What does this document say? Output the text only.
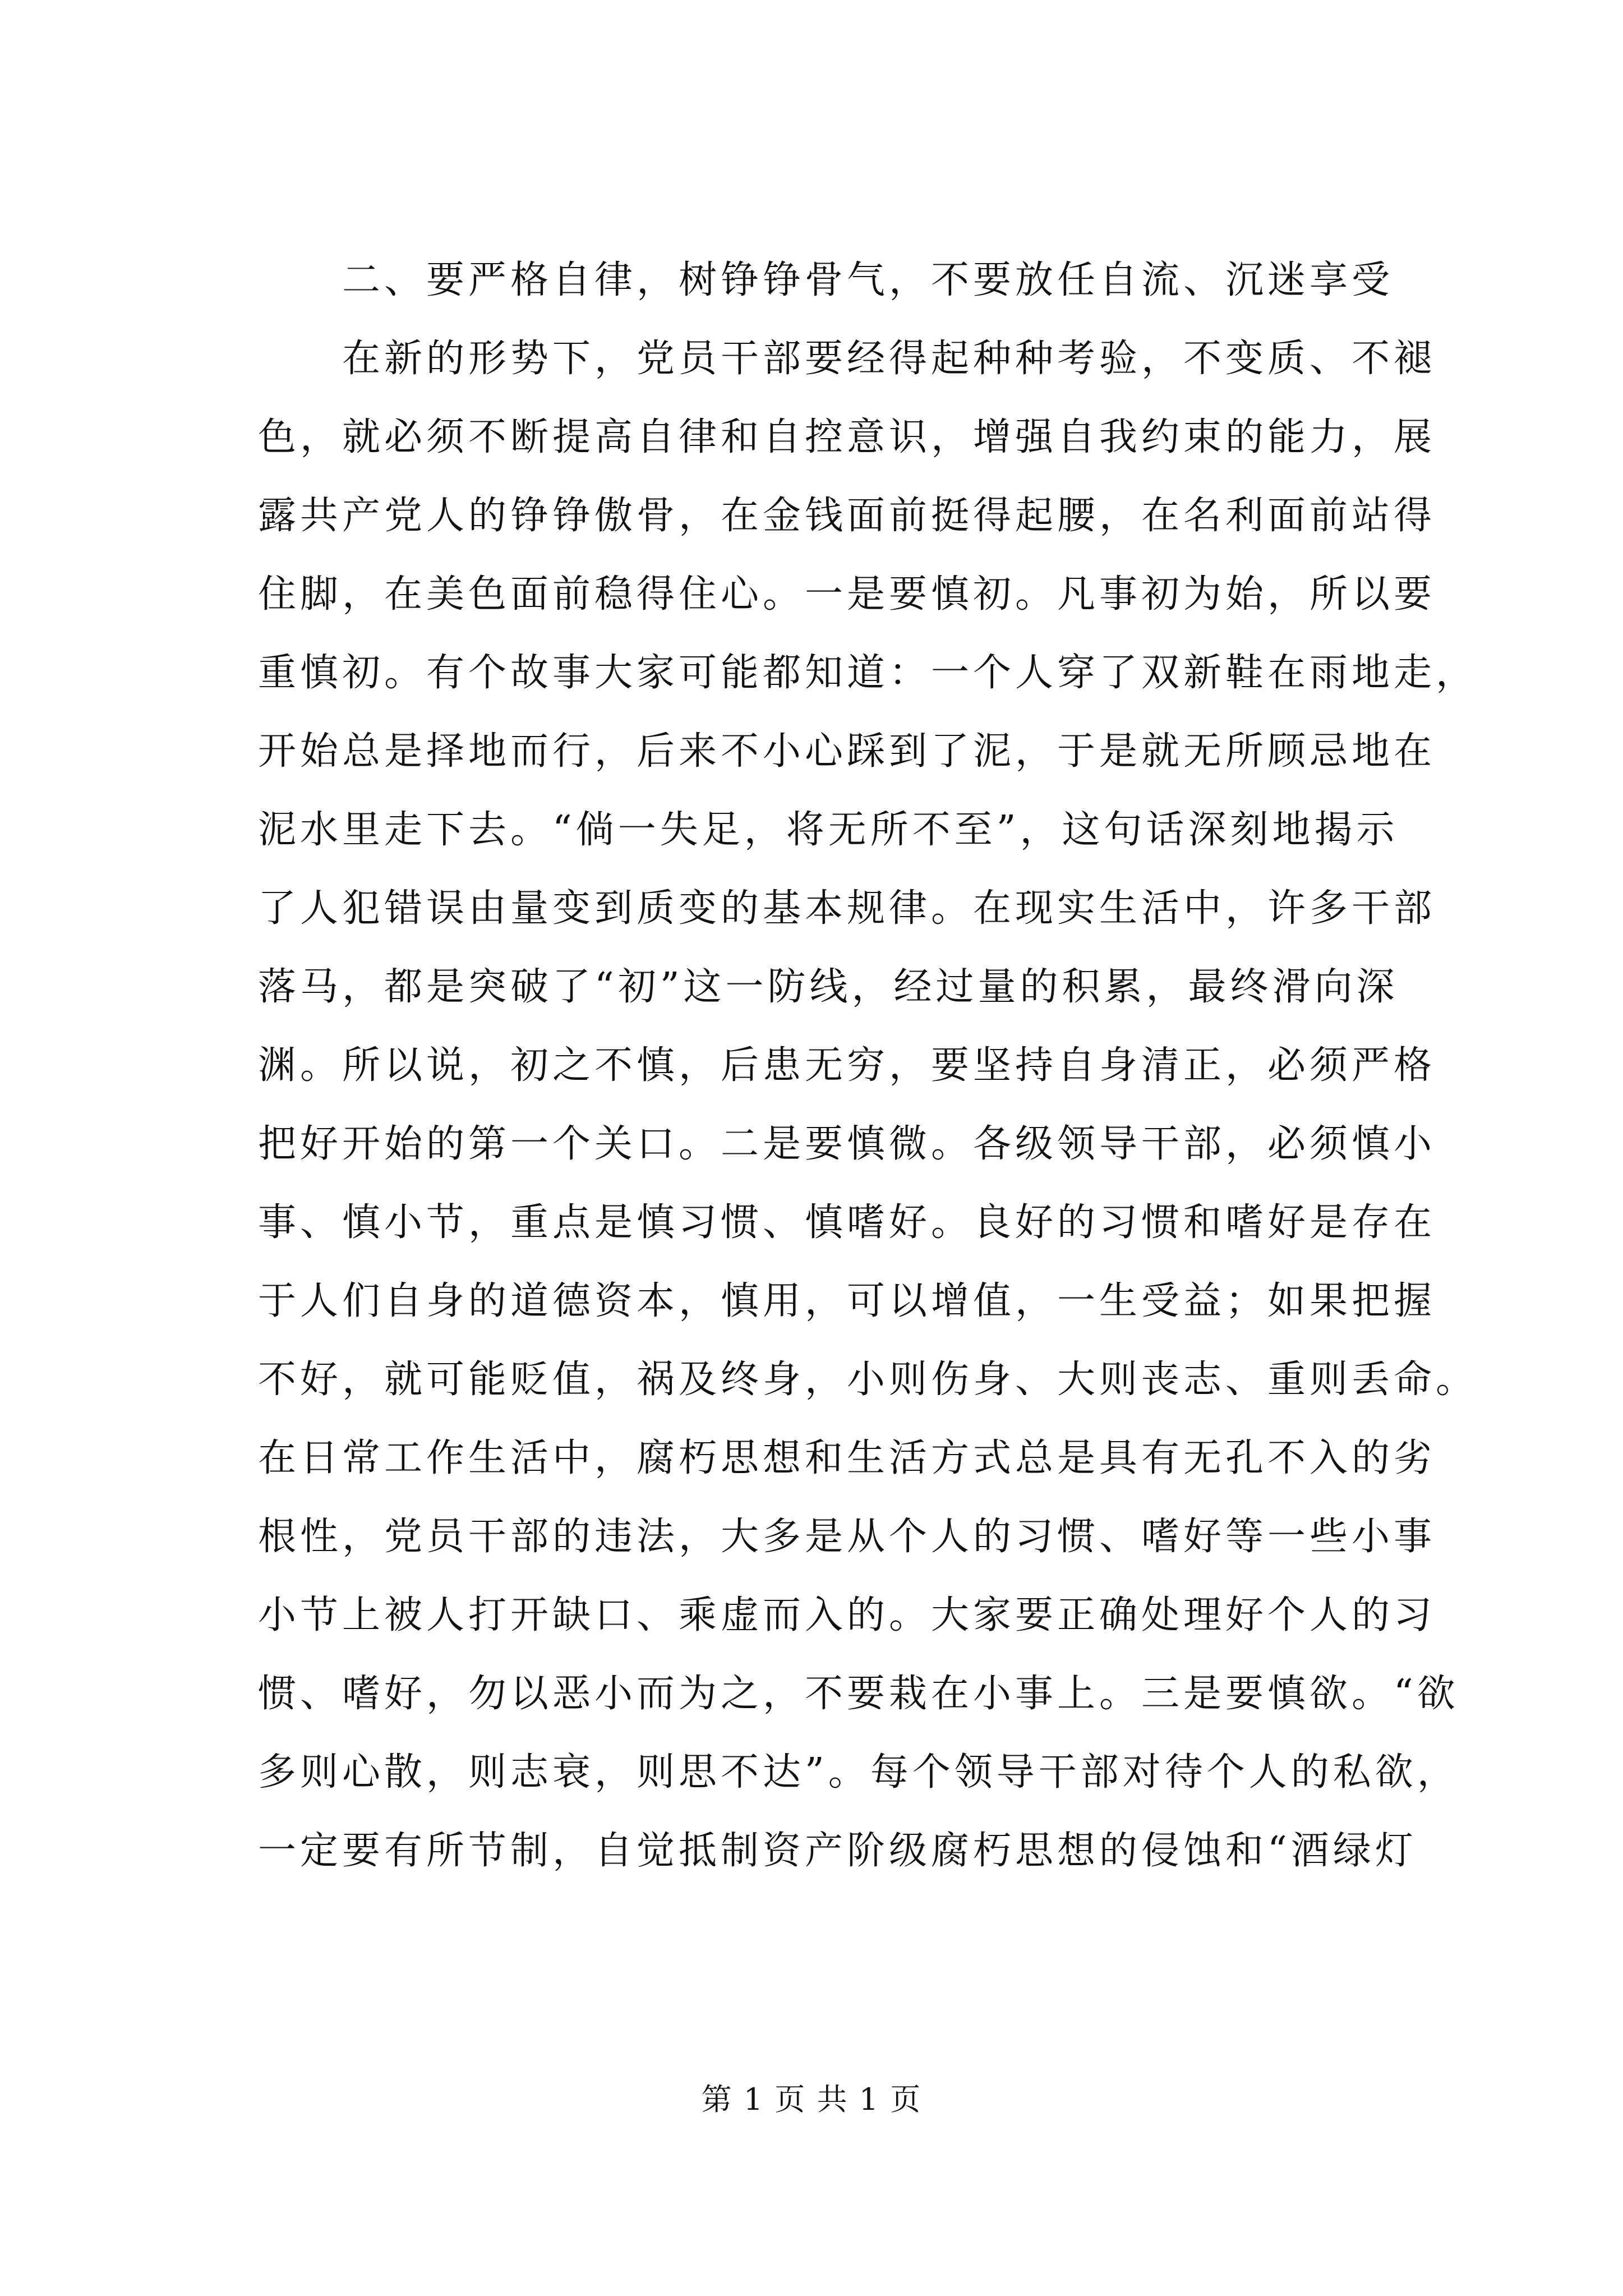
二、要严格自律，树铮铮骨气，不要放任自流、沉迷享受
在新的形势下，党员干部要经得起种种考验，不变质、不褪
色，就必须不断提高自律和自控意识，增强自我约束的能力，展
露共产党人的铮铮傲骨，在金钱面前挺得起腰，在名利面前站得
住脚，在美色面前稳得住心。一是要慎初。凡事初为始，所以要
重慎初。有个故事大家可能都知道：一个人穿了双新鞋在雨地走，
开始总是择地而行，后来不小心踩到了泥，于是就无所顾忌地在
泥水里走下去。“倘一失足，将无所不至”，这句话深刻地揭示
了人犯错误由量变到质变的基本规律。在现实生活中，许多干部
落马，都是突破了“初”这一防线，经过量的积累，最终滑向深
渊。所以说，初之不慎，后患无穷，要坚持自身清正，必须严格
把好开始的第一个关口。二是要慎微。各级领导干部，必须慎小
事、慎小节，重点是慎习惯、慎嗜好。良好的习惯和嗜好是存在
于人们自身的道德资本，慎用，可以增值，一生受益；如果把握
不好，就可能贬值，祸及终身，小则伤身、大则丧志、重则丢命。
在日常工作生活中，腐朽思想和生活方式总是具有无孔不入的劣
根性，党员干部的违法，大多是从个人的习惯、嗜好等一些小事
小节上被人打开缺口、乘虚而入的。大家要正确处理好个人的习
惯、嗜好，勿以恶小而为之，不要栽在小事上。三是要慎欲。“欲
多则心散，则志衰，则思不达”。每个领导干部对待个人的私欲，
一定要有所节制，自觉抵制资产阶级腐朽思想的侵蚀和“酒绿灯
第 1 页 共 1 页
